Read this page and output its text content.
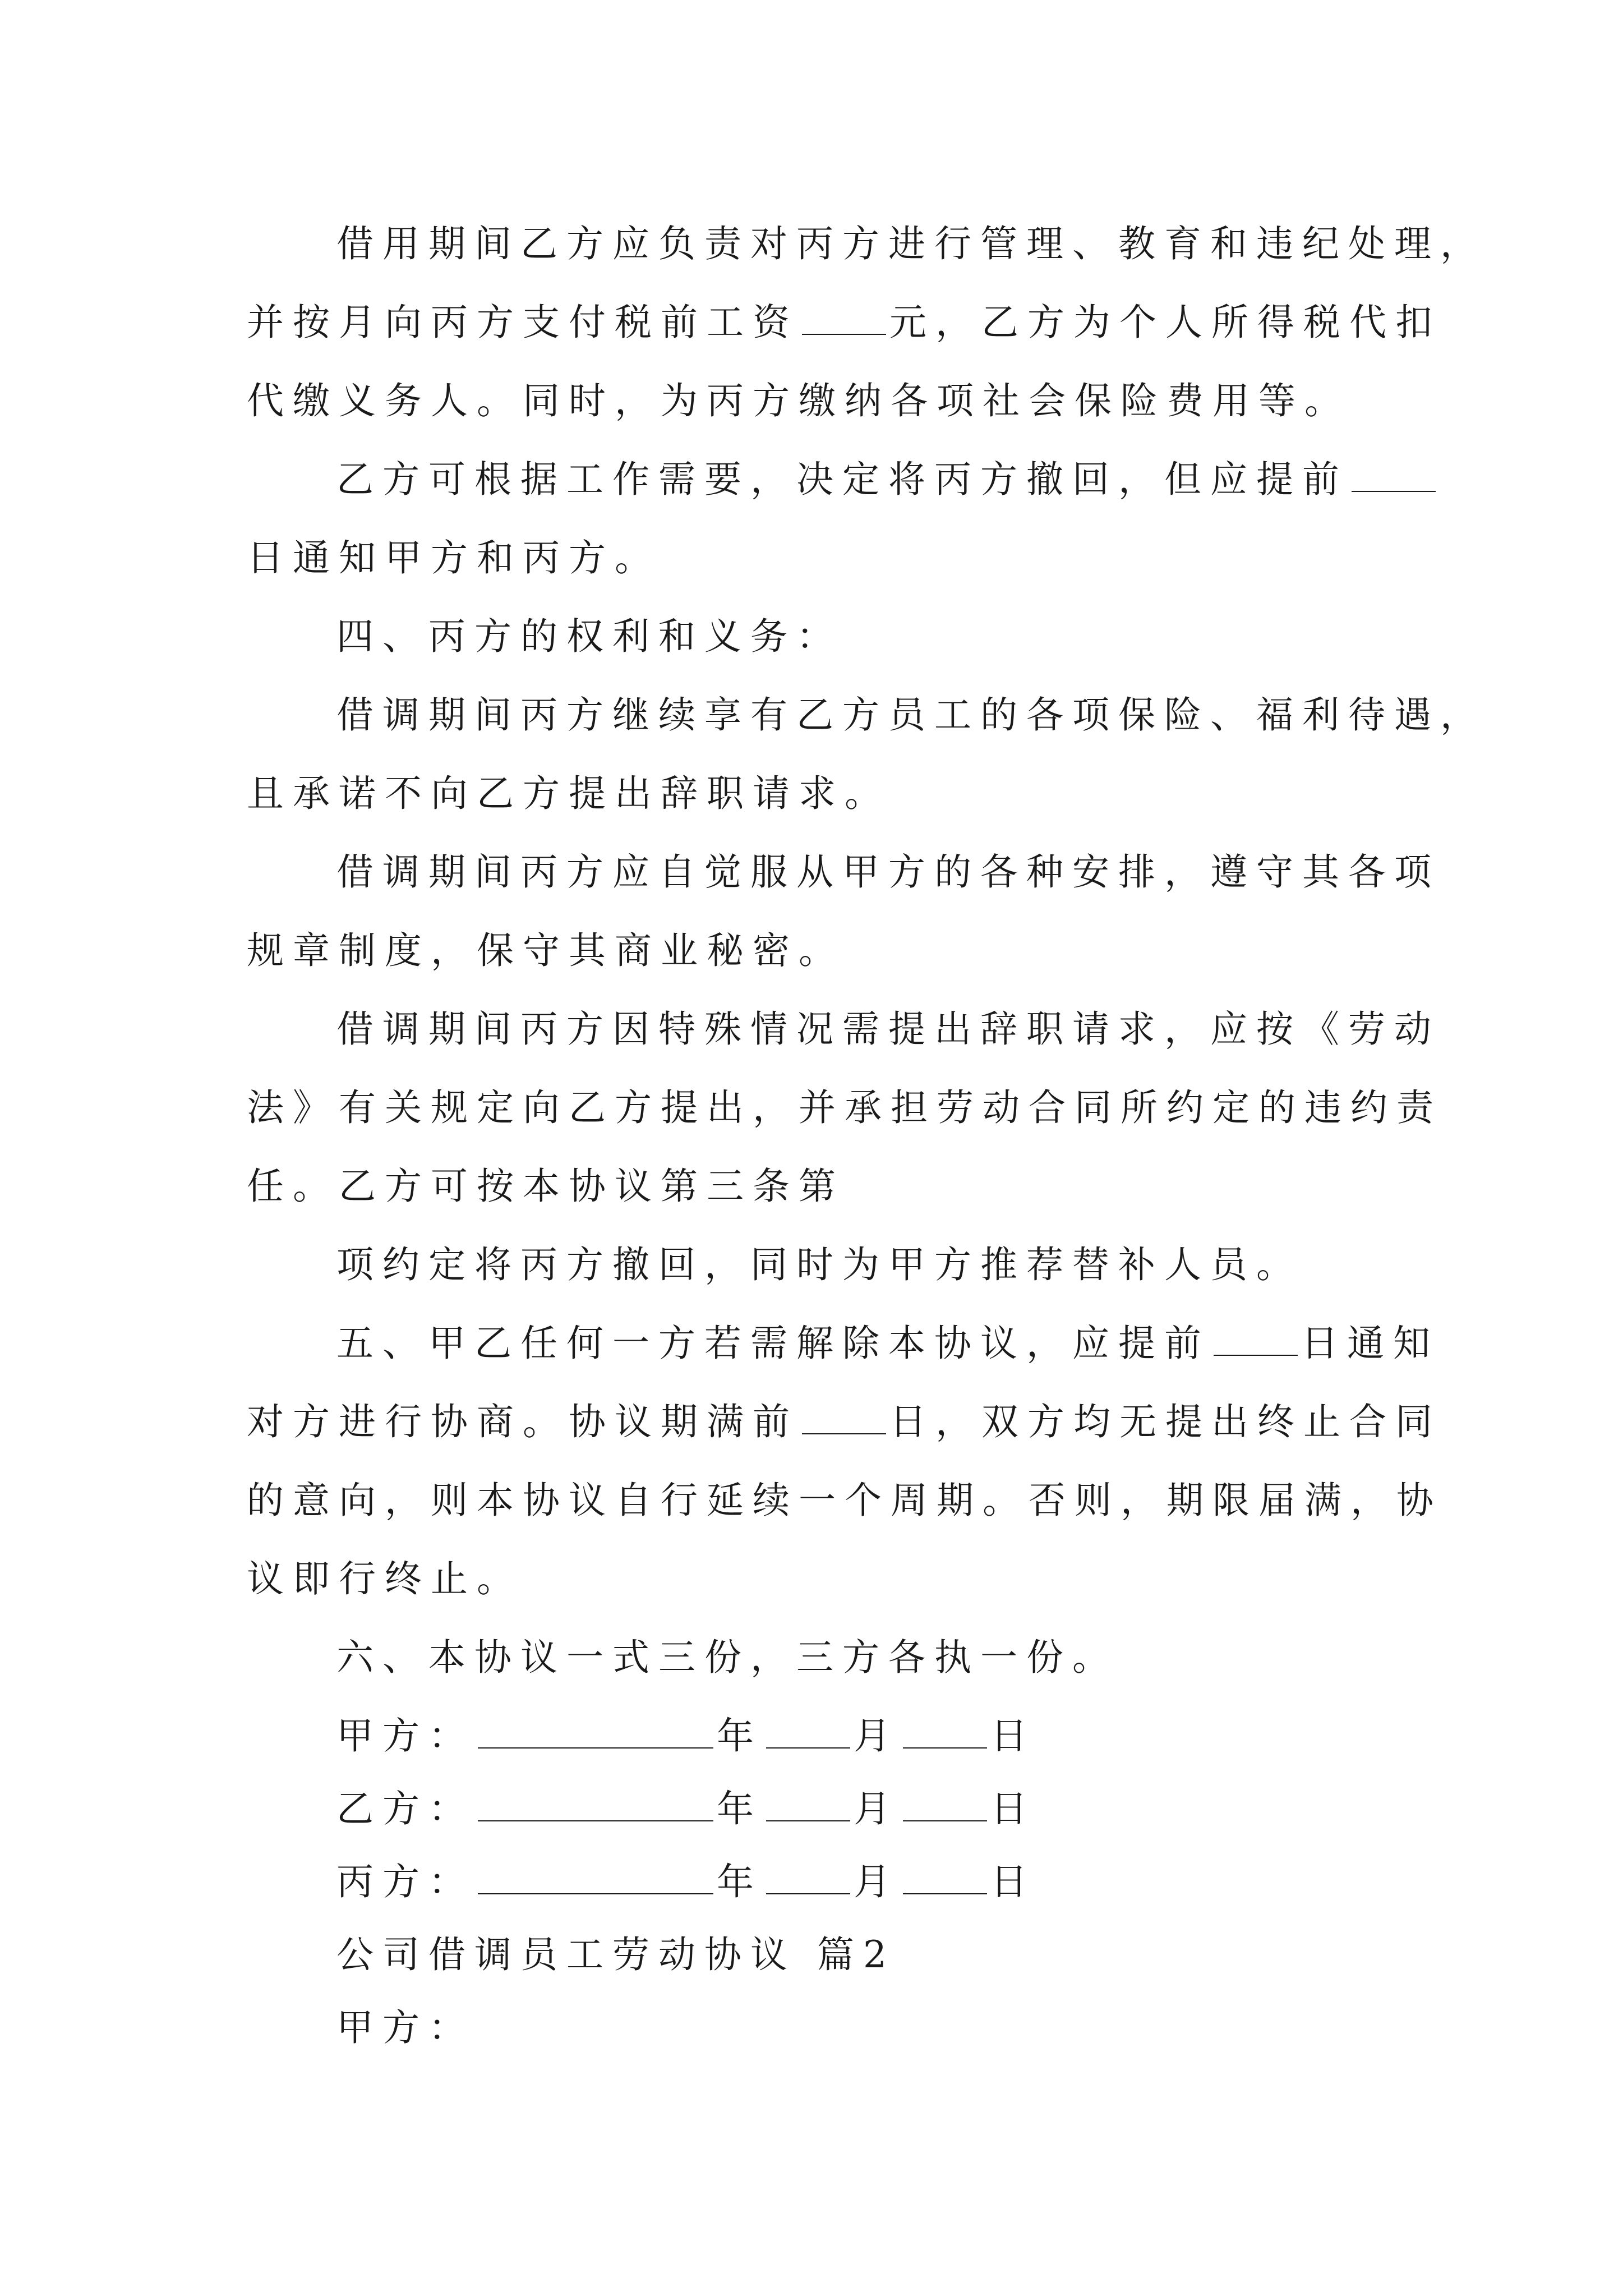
借用期间乙方应负责对丙方进行管理、教育和违纪处理，
并按月向丙方支付税前工资 元，乙方为个人所得税代扣
代缴义务人。同时，为丙方缴纳各项社会保险费用等。
乙方可根据工作需要，决定将丙方撤回，但应提前
日通知甲方和丙方。
四、丙方的权利和义务：
借调期间丙方继续享有乙方员工的各项保险、福利待遇，
且承诺不向乙方提出辞职请求。
借调期间丙方应自觉服从甲方的各种安排，遵守其各项
规章制度，保守其商业秘密。
借调期间丙方因特殊情况需提出辞职请求，应按《劳动
法》有关规定向乙方提出，并承担劳动合同所约定的违约责
任。乙方可按本协议第三条第
项约定将丙方撤回，同时为甲方推荐替补人员。
五、甲乙任何一方若需解除本协议，应提前 日通知
对方进行协商。协议期满前 日，双方均无提出终止合同
的意向，则本协议自行延续一个周期。否则，期限届满，协
议即行终止。
六、本协议一式三份，三方各执一份。
甲方：	年 月 日
乙方：	年 月 日
丙方：	年 月 日
公司借调员工劳动协议 篇2
甲方：
